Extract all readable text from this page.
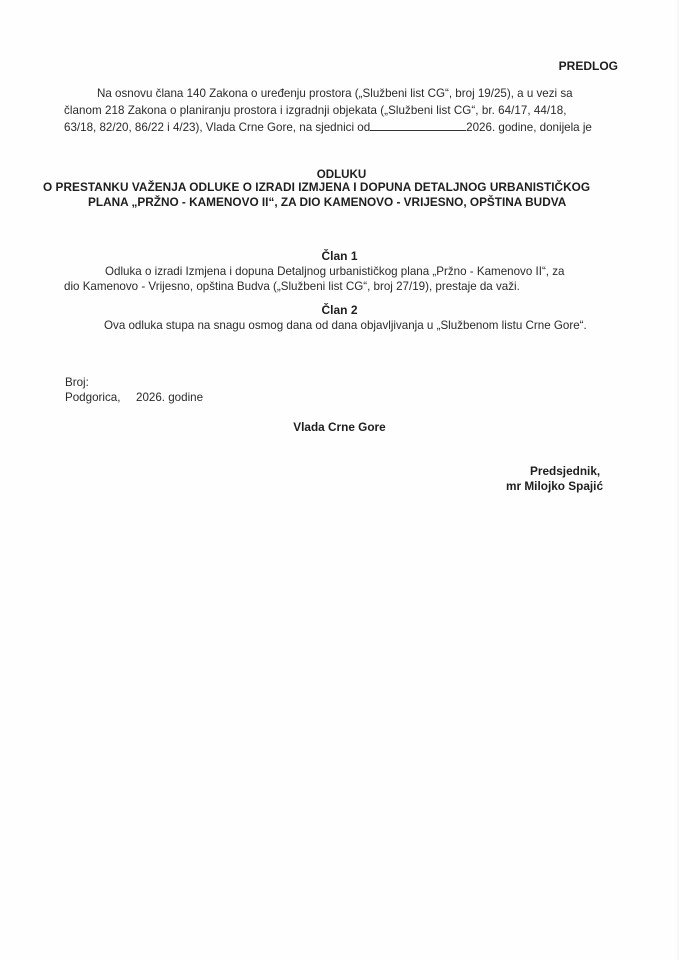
PREDLOG
Na osnovu člana 140 Zakona o uređenju prostora („Službeni list CG“, broj 19/25), a u vezi sa
članom 218 Zakona o planiranju prostora i izgradnji objekata („Službeni list CG“, br. 64/17, 44/18,
63/18, 82/20, 86/22 i 4/23), Vlada Crne Gore, na sjednici od	2026. godine, donijela je
ODLUKU
O PRESTANKU VAŽENJA ODLUKE O IZRADI IZMJENA I DOPUNA DETALJNOG URBANISTIČKOG
PLANA „PRŽNO - KAMENOVO II“, ZA DIO KAMENOVO - VRIJESNO, OPŠTINA BUDVA
Član 1
Odluka o izradi Izmjena i dopuna Detaljnog urbanističkog plana „Pržno - Kamenovo II“, za
dio Kamenovo - Vrijesno, opština Budva („Službeni list CG“, broj 27/19), prestaje da važi.
Član 2
Ova odluka stupa na snagu osmog dana od dana objavljivanja u „Službenom listu Crne Gore“.
Broj:
Podgorica, 2026. godine
Vlada Crne Gore
Predsjednik,
mr Milojko Spajić
